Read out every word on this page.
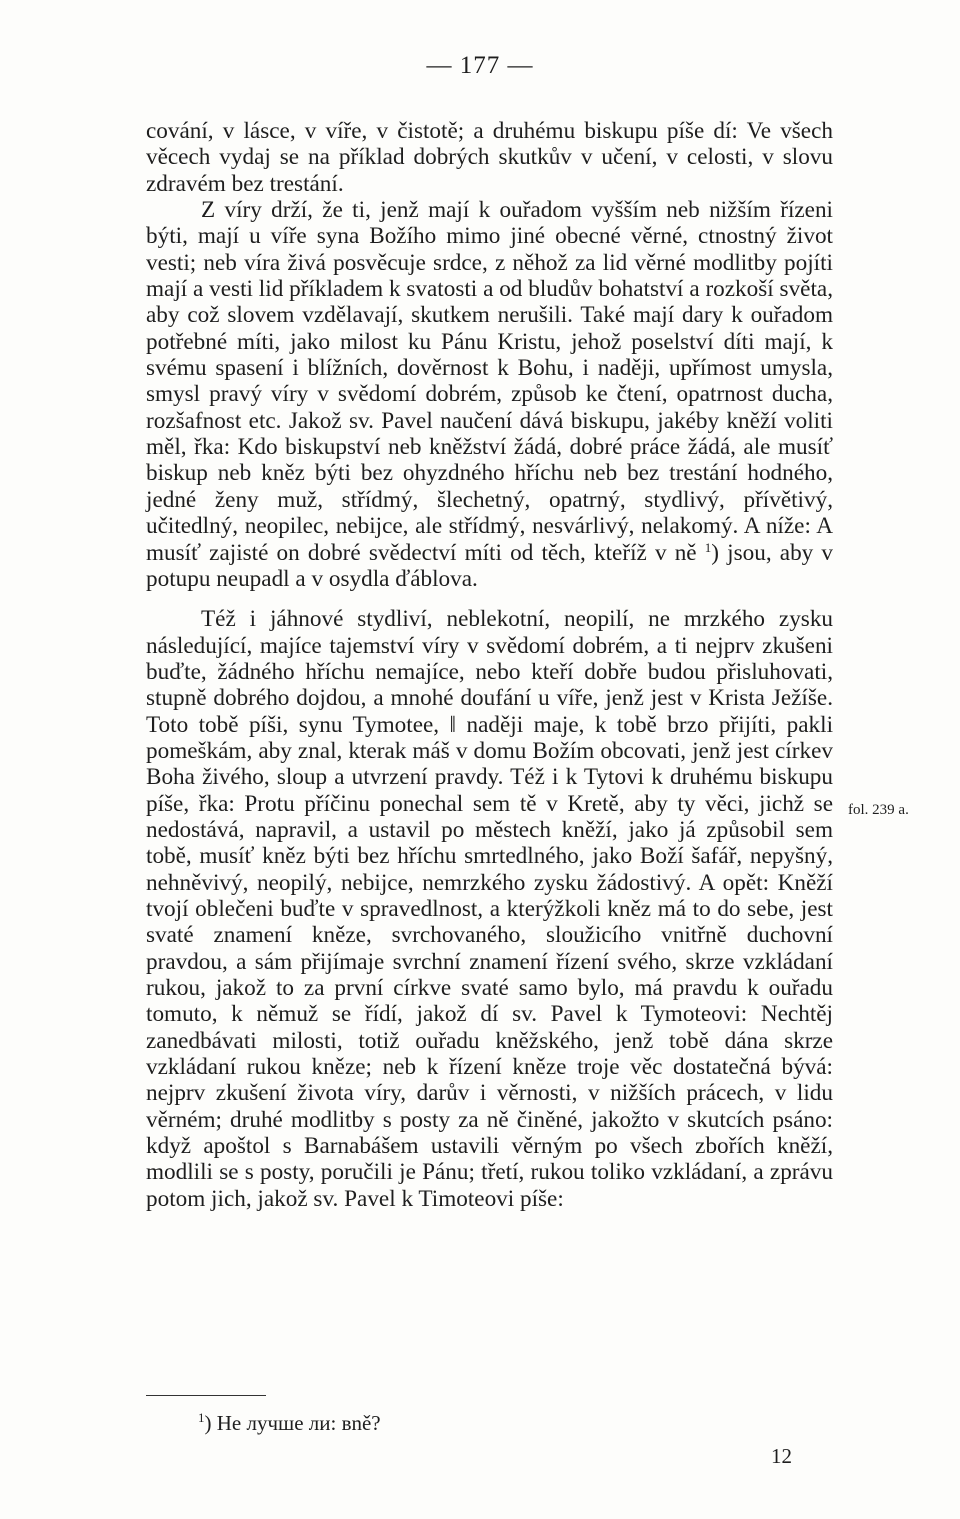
— 177 —

cování, v lásce, v víře, v čistotě; a druhému biskupu píše dí: Ve všech věcech vydaj se na příklad dobrých skutkův v učení, v celosti, v slovu zdravém bez trestání.

Z víry drží, že ti, jenž mají k ouřadom vyšším neb nižším řízeni býti, mají u víře syna Božího mimo jiné obecné věrné, ctnostný život vesti; neb víra živá posvěcuje srdce, z něhož za lid věrné modlitby pojíti mají a vesti lid příkladem k svatosti a od bludův bohatství a rozkoší světa, aby což slovem vzdělavají, skutkem nerušili. Také mají dary k ouřadom potřebné míti, jako milost ku Pánu Kristu, jehož poselství díti mají, k svému spasení i blížních, dověrnost k Bohu, i naději, upřímost umysla, smysl pravý víry v svědomí dobrém, způsob ke čtení, opatrnost ducha, rozšafnost etc. Jakož sv. Pavel naučení dává biskupu, jakéby kněží voliti měl, řka: Kdo biskupství neb kněžství žádá, dobré práce žádá, ale musíť biskup neb kněz býti bez ohyzdného hříchu neb bez trestání hodného, jedné ženy muž, střídmý, šlechetný, opatrný, stydlivý, přívětivý, učitedlný, neopilec, nebijce, ale střídmý, nesvárlivý, nelakomý. A níže: A musíť zajisté on dobré svědectví míti od těch, kteříž v ně $^1$) jsou, aby v potupu neupadl a v osydla ďáblova.

Též i jáhnové stydliví, neblekotní, neopilí, ne mrzkého zysku následující, majíce tajemství víry v svědomí dobrém, a ti nejprv zkušeni buďte, žádného hříchu nemajíce, nebo kteří dobře budou přisluhovati, stupně dobrého dojdou, a mnohé doufání u víře, jenž jest v Krista Ježíše. Toto tobě píši, synu Tymotee, ‖ naději maje, k tobě brzo přijíti, pakli pomeškám, aby znal, kterak máš v domu Božím obcovati, jenž jest církev Boha živého, sloup a utvrzení pravdy. Též i k Tytovi k druhému biskupu píše, řka: Protu příčinu ponechal sem tě v Kretě, aby ty věci, jichž se nedostává, napravil, a ustavil po městech kněží, jako já způsobil sem tobě, musíť kněz býti bez hříchu smrtedlného, jako Boží šafář, nepyšný, nehněvivý, neopilý, nebijce, nemrzkého zysku žádostivý. A opět: Kněží tvojí oblečeni buďte v spravedlnost, a kterýžkoli kněz má to do sebe, jest svaté znamení kněze, svrchovaného, sloužicího vnitřně duchovní pravdou, a sám přijímaje svrchní znamení řízení svého, skrze vzkládaní rukou, jakož to za první církve svaté samo bylo, má pravdu k ouřadu tomuto, k němuž se řídí, jakož dí sv. Pavel k Tymoteovi: Nechtěj zanedbávati milosti, totiž ouřadu kněžského, jenž tobě dána skrze vzkládaní rukou kněze; neb k řízení kněze troje věc dostatečná bývá: nejprv zkušení života víry, darův i věrnosti, v nižších prácech, v lidu věrném; druhé modlitby s posty za ně činěné, jakožto v skutcích psáno: když apoštol s Barnabášem ustavili věrným po všech zbořích kněží, modlili se s posty, poručili je Pánu; třetí, rukou toliko vzkládaní, a zprávu potom jich, jakož sv. Pavel k Timoteovi píše:

fol. 239 a.
$^1$) Не лучше ли: вně?
12
